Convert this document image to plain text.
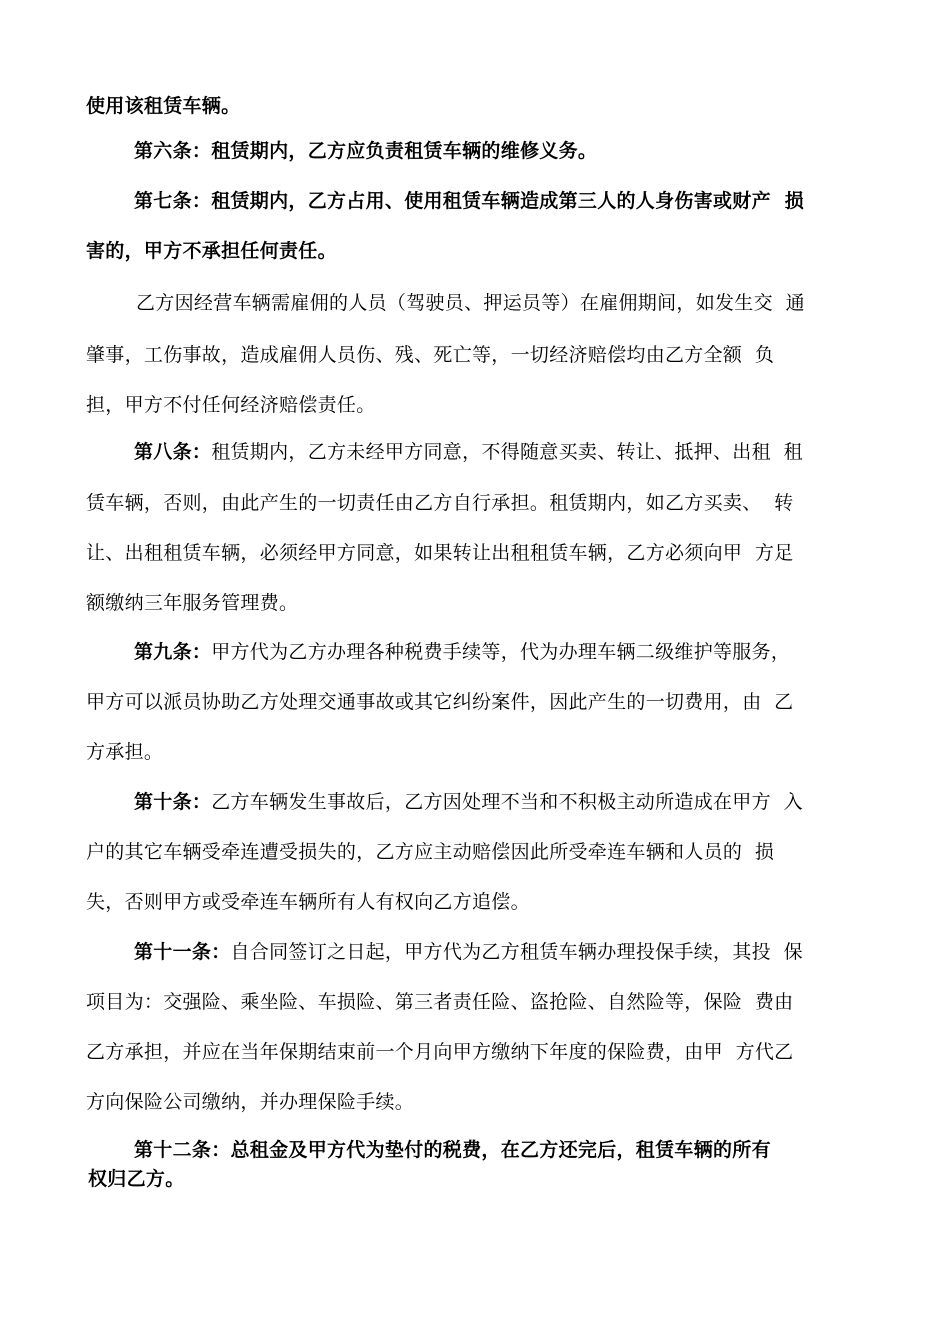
使用该租赁车辆。
第六条：租赁期内，乙方应负责租赁车辆的维修义务。
第七条：租赁期内，乙方占用、使用租赁车辆造成第三人的人身伤害或财产  损
害的，甲方不承担任何责任。
乙方因经营车辆需雇佣的人员（驾驶员、押运员等）在雇佣期间，如发生交  通
肇事，工伤事故，造成雇佣人员伤、残、死亡等，一切经济赔偿均由乙方全额  负
担，甲方不付任何经济赔偿责任。
第八条：租赁期内，乙方未经甲方同意，不得随意买卖、转让、抵押、出租  租
赁车辆，否则，由此产生的一切责任由乙方自行承担。租赁期内，如乙方买卖、  转
让、出租租赁车辆，必须经甲方同意，如果转让出租租赁车辆，乙方必须向甲  方足
额缴纳三年服务管理费。
第九条：甲方代为乙方办理各种税费手续等，代为办理车辆二级维护等服务，
甲方可以派员协助乙方处理交通事故或其它纠纷案件，因此产生的一切费用，由  乙
方承担。
第十条：乙方车辆发生事故后，乙方因处理不当和不积极主动所造成在甲方  入
户的其它车辆受牵连遭受损失的，乙方应主动赔偿因此所受牵连车辆和人员的  损
失，否则甲方或受牵连车辆所有人有权向乙方追偿。
第十一条：自合同签订之日起，甲方代为乙方租赁车辆办理投保手续，其投  保
项目为：交强险、乘坐险、车损险、第三者责任险、盗抢险、自然险等，保险  费由
乙方承担，并应在当年保期结束前一个月向甲方缴纳下年度的保险费，由甲  方代乙
方向保险公司缴纳，并办理保险手续。
第十二条：总租金及甲方代为垫付的税费，在乙方还完后，租赁车辆的所有
权归乙方。
